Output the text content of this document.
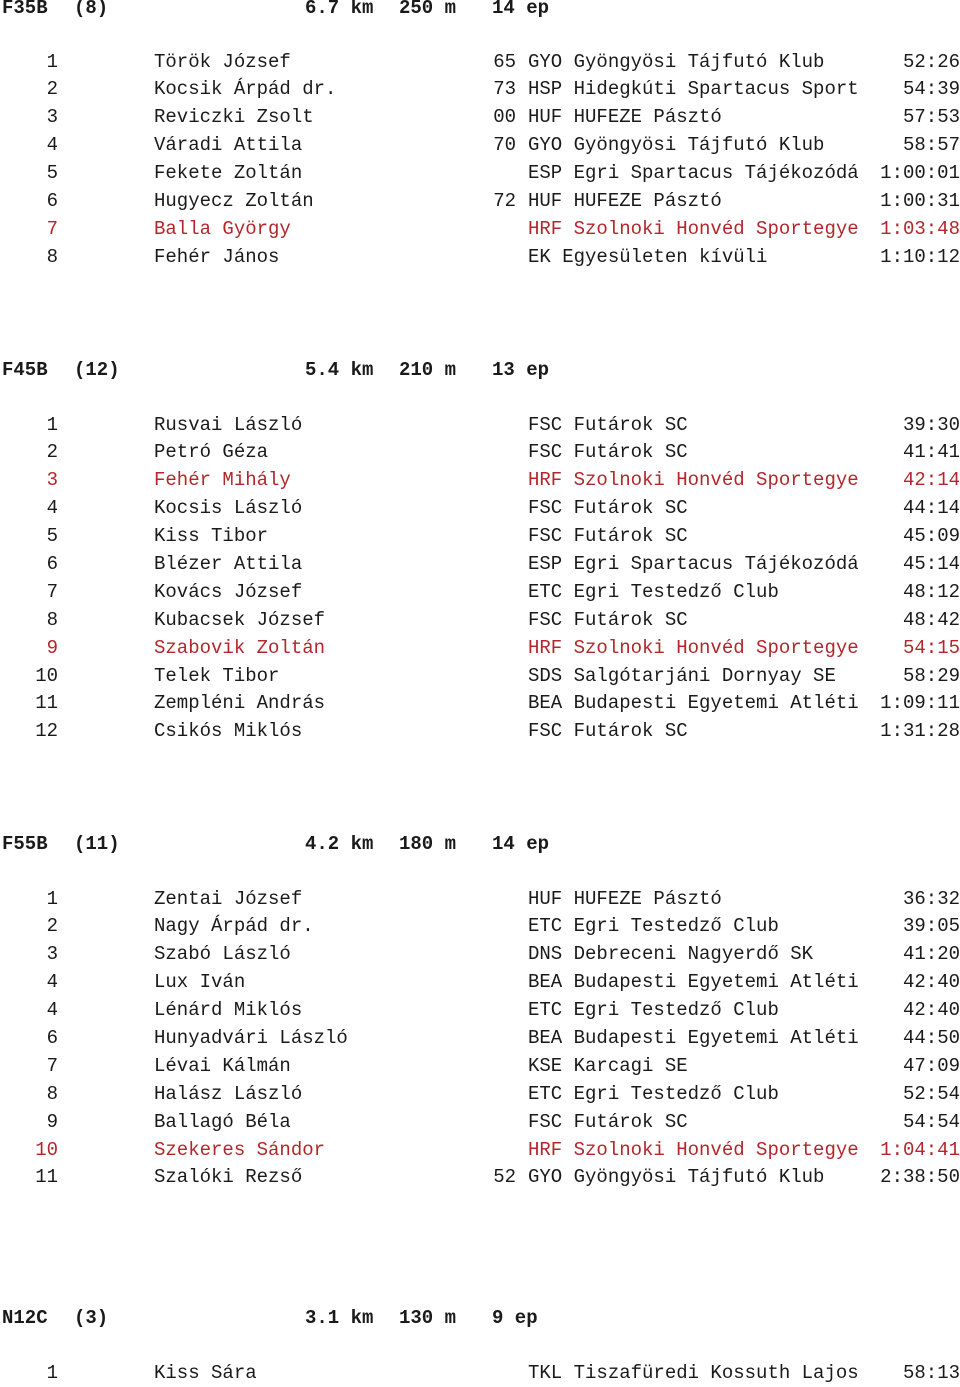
F35B (8)	6.7 km 250 m 14 ep
1	Török József	65 GYO Gyöngyösi Tájfutó Klub	52:26
2	Kocsik Árpád dr.	73 HSP Hidegkúti Spartacus Sport 54:39
3	Reviczki Zsolt	00 HUF HUFEZE Pásztó	57:53
4	Váradi Attila	70 GYO Gyöngyösi Tájfutó Klub	58:57
5	Fekete Zoltán	ESP Egri Spartacus Tájékozódá 1:00:01
6	Hugyecz Zoltán	72 HUF HUFEZE Pásztó	1:00:31
7	Balla György	HRF Szolnoki Honvéd Sportegye 1:03:48
8	Fehér János	EK Egyesületen kívüli	1:10:12
F45B (12)	5.4 km 210 m 13 ep
1	Rusvai László	FSC Futárok SC	39:30
2	Petró Géza	FSC Futárok SC	41:41
3	Fehér Mihály	HRF Szolnoki Honvéd Sportegye 42:14
4	Kocsis László	FSC Futárok SC	44:14
5	Kiss Tibor	FSC Futárok SC	45:09
6	Blézer Attila	ESP Egri Spartacus Tájékozódá 45:14
7	Kovács József	ETC Egri Testedző Club	48:12
8	Kubacsek József	FSC Futárok SC	48:42
9	Szabovik Zoltán	HRF Szolnoki Honvéd Sportegye 54:15
10	Telek Tibor	SDS Salgótarjáni Dornyay SE	58:29
11	Zempléni András	BEA Budapesti Egyetemi Atléti 1:09:11
12	Csikós Miklós	FSC Futárok SC	1:31:28
F55B (11)	4.2 km 180 m 14 ep
1	Zentai József	HUF HUFEZE Pásztó	36:32
2	Nagy Árpád dr.	ETC Egri Testedző Club	39:05
3	Szabó László	DNS Debreceni Nagyerdő SK	41:20
4	Lux Iván	BEA Budapesti Egyetemi Atléti 42:40
4	Lénárd Miklós	ETC Egri Testedző Club	42:40
6	Hunyadvári László	BEA Budapesti Egyetemi Atléti 44:50
7	Lévai Kálmán	KSE Karcagi SE	47:09
8	Halász László	ETC Egri Testedző Club	52:54
9	Ballagó Béla	FSC Futárok SC	54:54
10	Szekeres Sándor	HRF Szolnoki Honvéd Sportegye 1:04:41
11	Szalóki Rezső	52 GYO Gyöngyösi Tájfutó Klub	2:38:50
N12C (3)	3.1 km 130 m 9 ep
1	Kiss Sára	TKL Tiszafüredi Kossuth Lajos 58:13
